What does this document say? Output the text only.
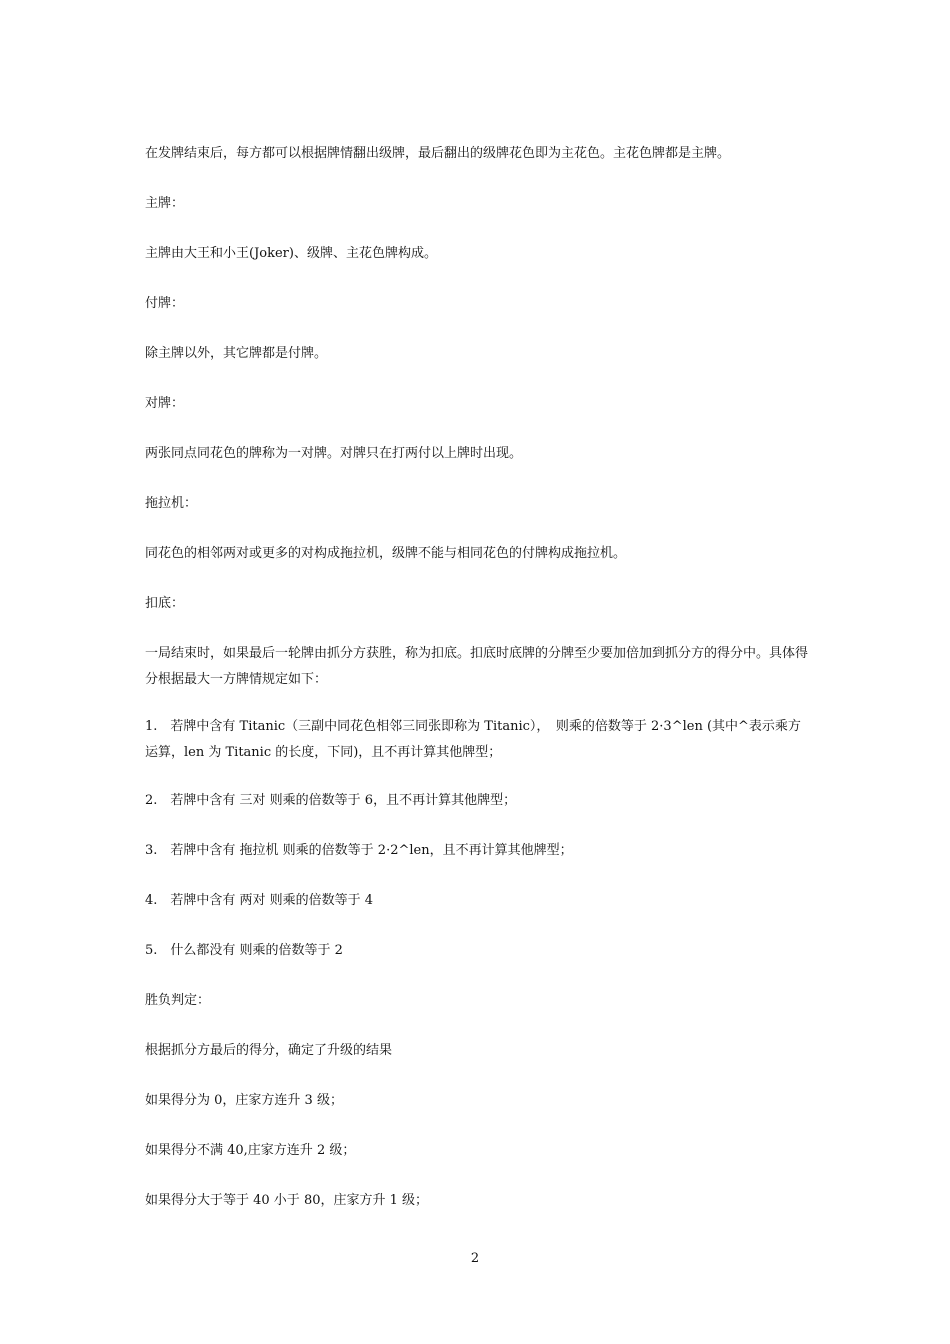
在发牌结束后，每方都可以根据牌情翻出级牌，最后翻出的级牌花色即为主花色。主花色牌都是主牌。

主牌：

主牌由大王和小王(Joker)、级牌、主花色牌构成。

付牌：

除主牌以外，其它牌都是付牌。

对牌：

两张同点同花色的牌称为一对牌。对牌只在打两付以上牌时出现。

拖拉机：

同花色的相邻两对或更多的对构成拖拉机，级牌不能与相同花色的付牌构成拖拉机。

扣底：

一局结束时，如果最后一轮牌由抓分方获胜，称为扣底。扣底时底牌的分牌至少要加倍加到抓分方的得分中。具体得分根据最大一方牌情规定如下：

1.　若牌中含有 Titanic（三副中同花色相邻三同张即称为 Titanic），　则乘的倍数等于 2·3^len (其中^表示乘方运算，len 为 Titanic 的长度，下同)，且不再计算其他牌型；

2.　若牌中含有 三对 则乘的倍数等于 6，且不再计算其他牌型；

3.　若牌中含有 拖拉机 则乘的倍数等于 2·2^len，且不再计算其他牌型；

4.　若牌中含有 两对 则乘的倍数等于 4

5.　什么都没有 则乘的倍数等于 2

胜负判定：

根据抓分方最后的得分，确定了升级的结果

如果得分为 0，庄家方连升 3 级；

如果得分不满 40,庄家方连升 2 级；

如果得分大于等于 40 小于 80，庄家方升 1 级；

2
